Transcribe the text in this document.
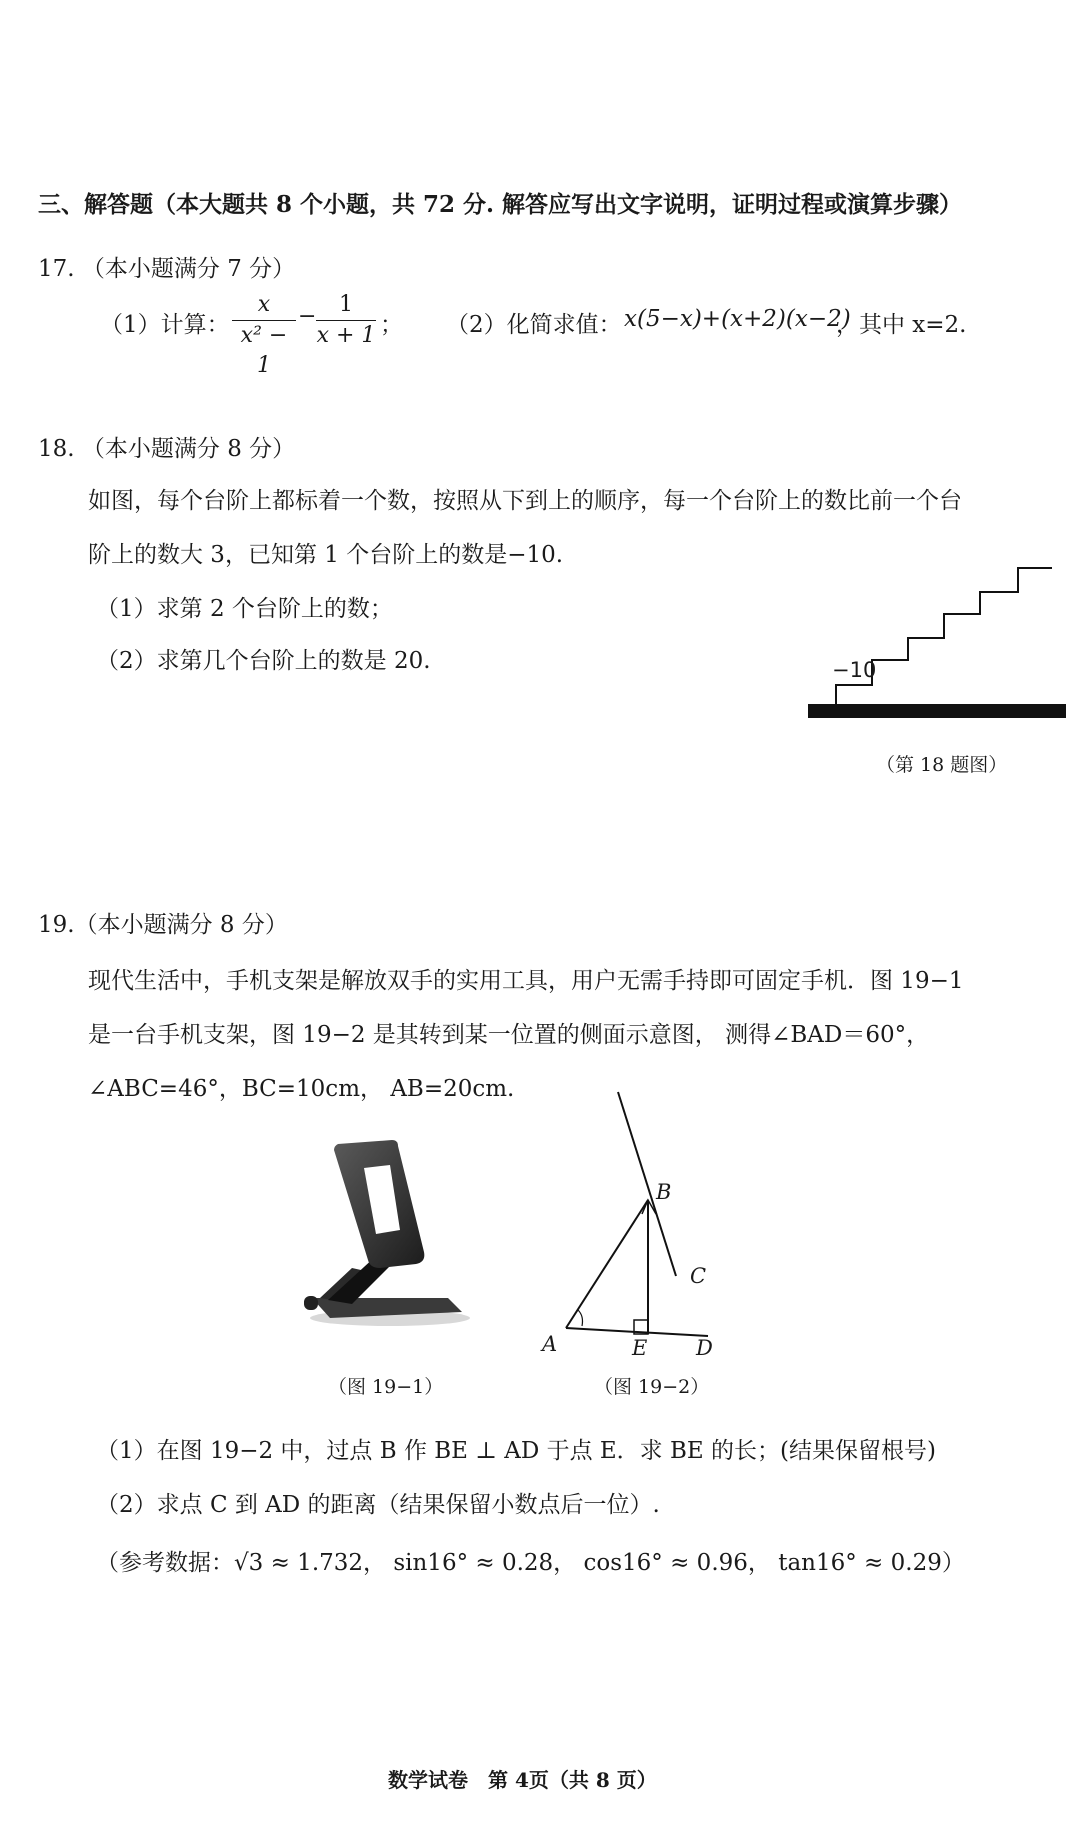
三、解答题（本大题共 8 个小题，共 72 分. 解答应写出文字说明，证明过程或演算步骤）
17. （本小题满分 7 分）
（1）计算：
x
x² − 1
−	1
x + 1 ； （2）化简求值： x(5−x)+(x+2)(x−2)
，其中 x=2.
18. （本小题满分 8 分）
如图，每个台阶上都标着一个数，按照从下到上的顺序，每一个台阶上的数比前一个台
阶上的数大 3，已知第 1 个台阶上的数是−10.
（1）求第 2 个台阶上的数；
（2）求第几个台阶上的数是 20.	−10
（第 18 题图）
19.（本小题满分 8 分）
现代生活中，手机支架是解放双手的实用工具，用户无需手持即可固定手机．图 19−1
是一台手机支架，图 19−2 是其转到某一位置的侧面示意图， 测得∠BAD＝60°，
∠ABC=46°，BC=10cm， AB=20cm.
B
C
A	E D
（图 19−1）	（图 19−2）
（1）在图 19−2 中，过点 B 作 BE ⊥ AD 于点 E．求 BE 的长；(结果保留根号)
（2）求点 C 到 AD 的距离（结果保留小数点后一位）.
（参考数据：√3 ≈ 1.732， sin16° ≈ 0.28， cos16° ≈ 0.96， tan16° ≈ 0.29）
数学试卷　第 4页（共 8 页）
